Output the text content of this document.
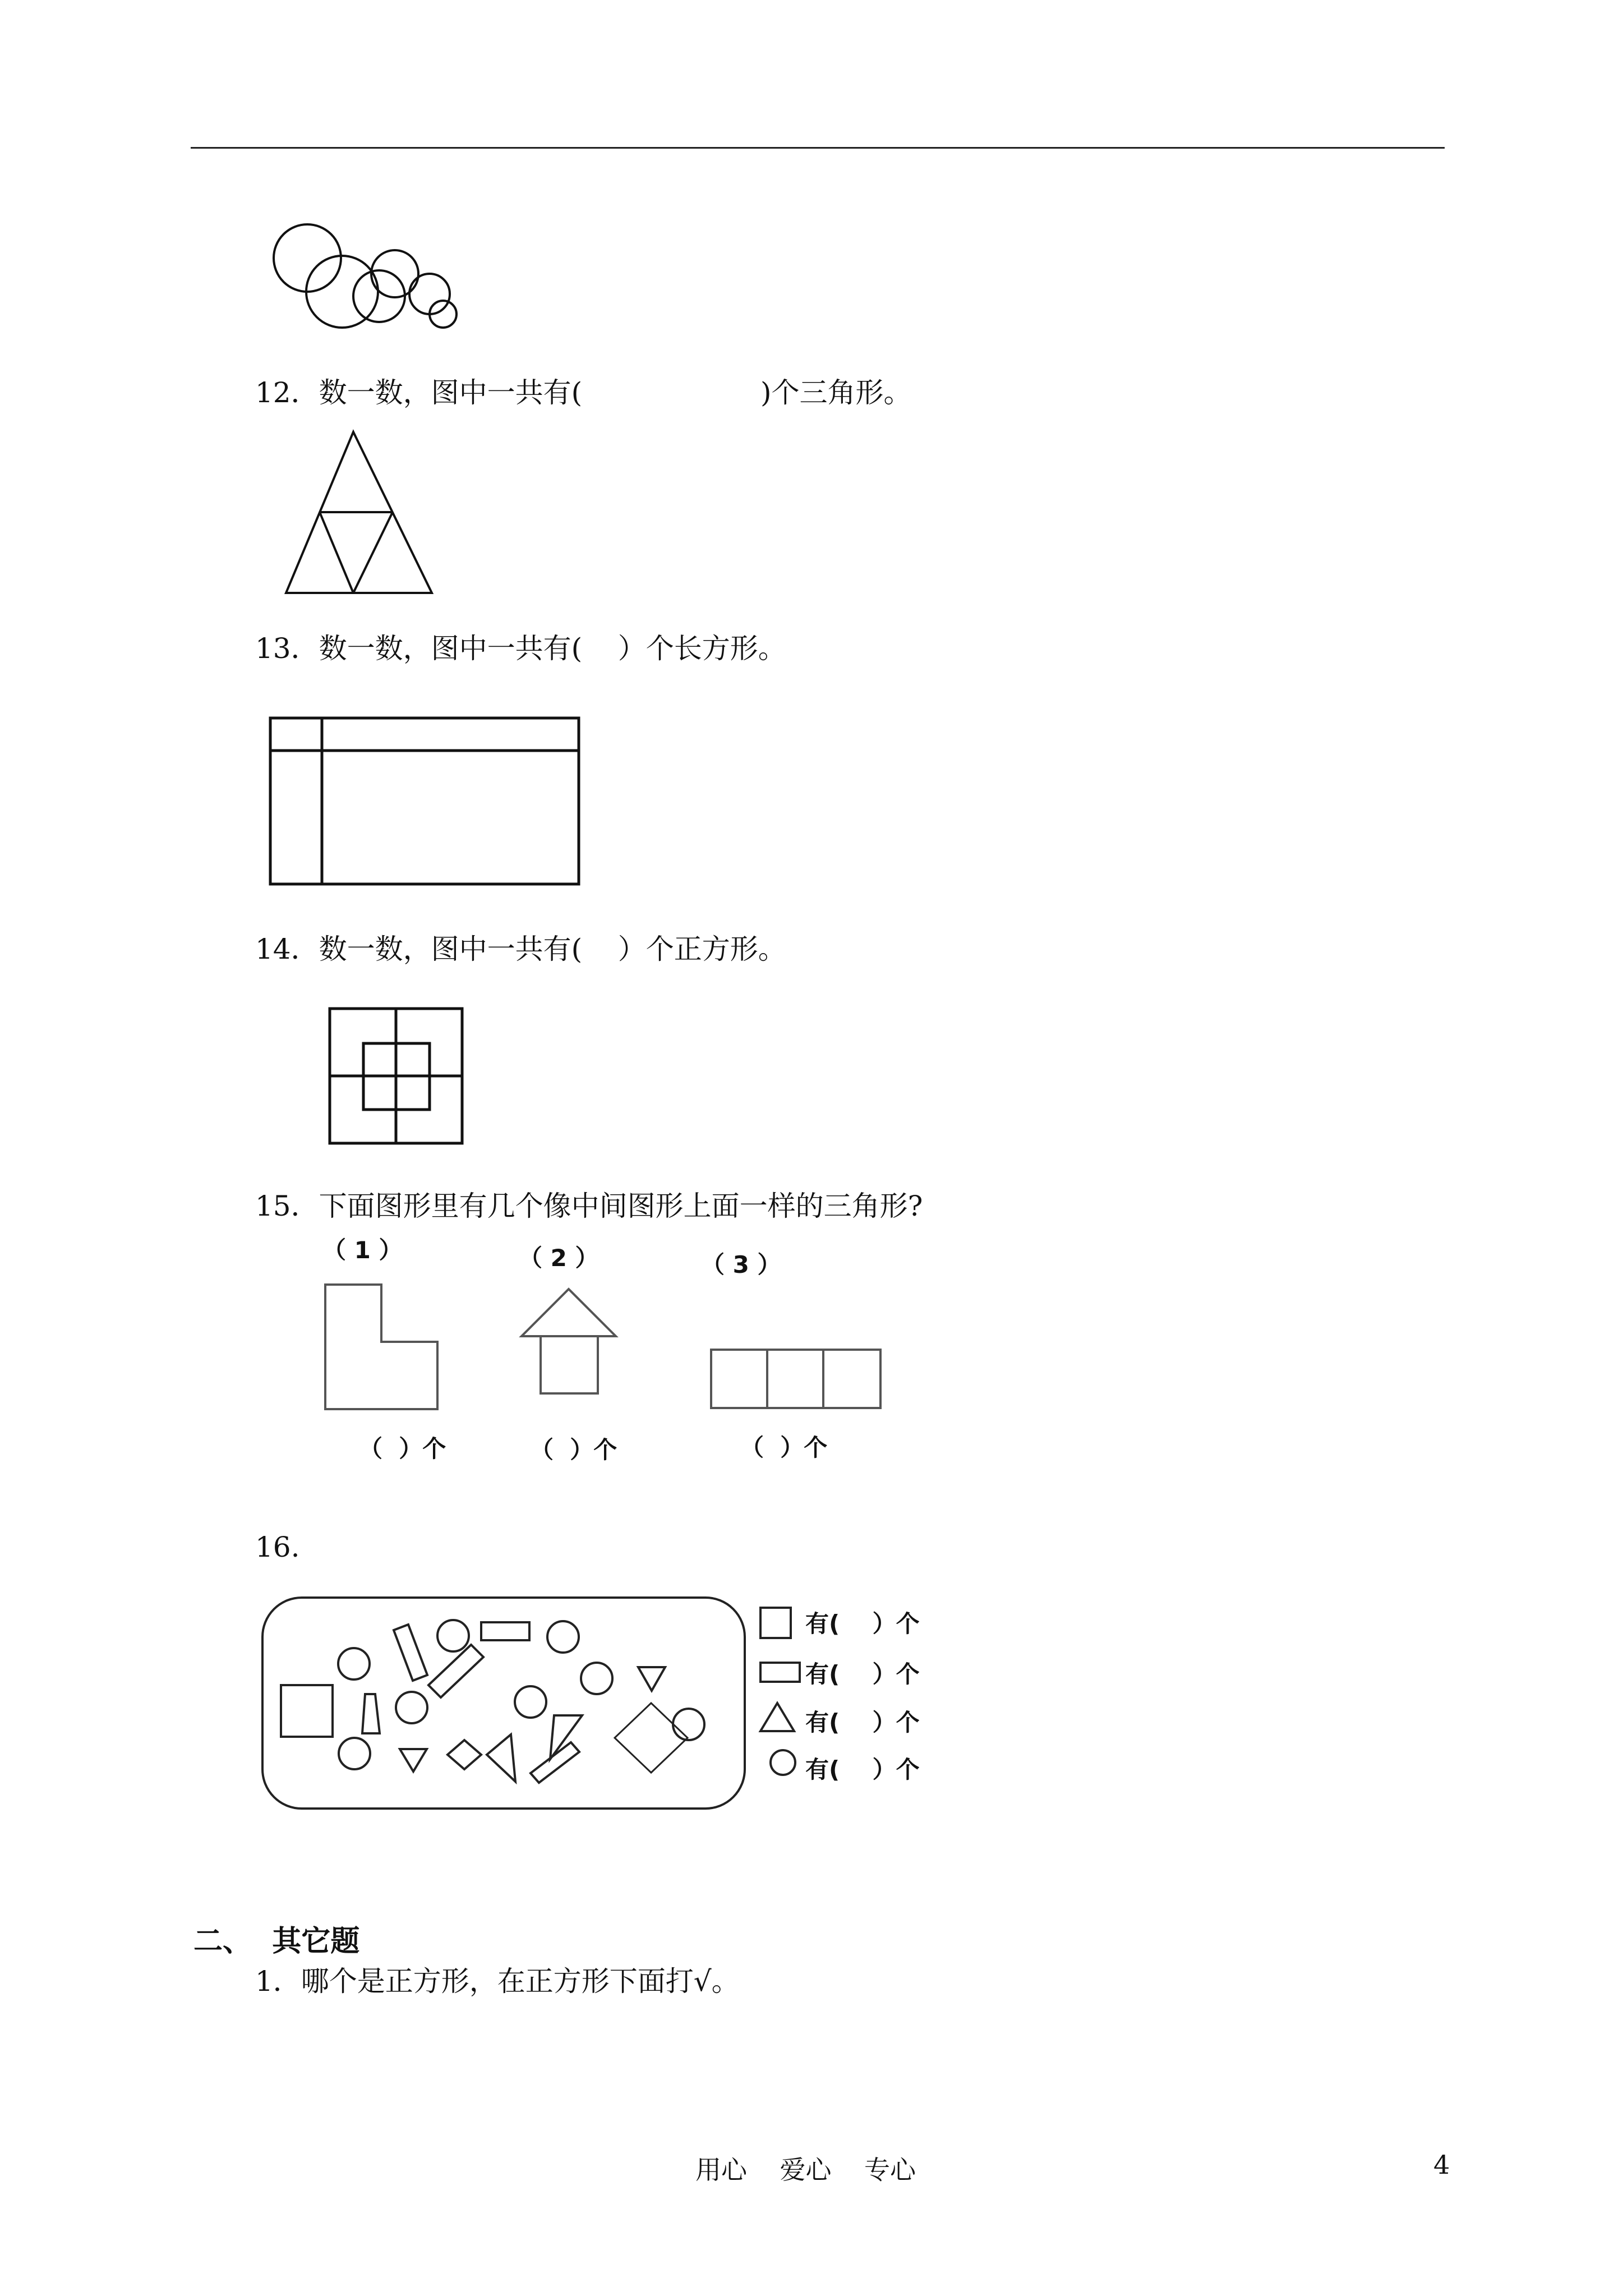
12．数一数，图中一共有(                    )个三角形。
13．数一数，图中一共有(    ）个长方形。
14．数一数，图中一共有(    ）个正方形。
15．下面图形里有几个像中间图形上面一样的三角形?
（ 1 ）	（ 2 ）	（ 3 ）
（  ）个	（  ）个	（  ）个
16.
有(    ）个
有(    ）个
有(    ）个
有(    ）个
二、  其它题
1．哪个是正方形，在正方形下面打√。
用心    爱心    专心	4
